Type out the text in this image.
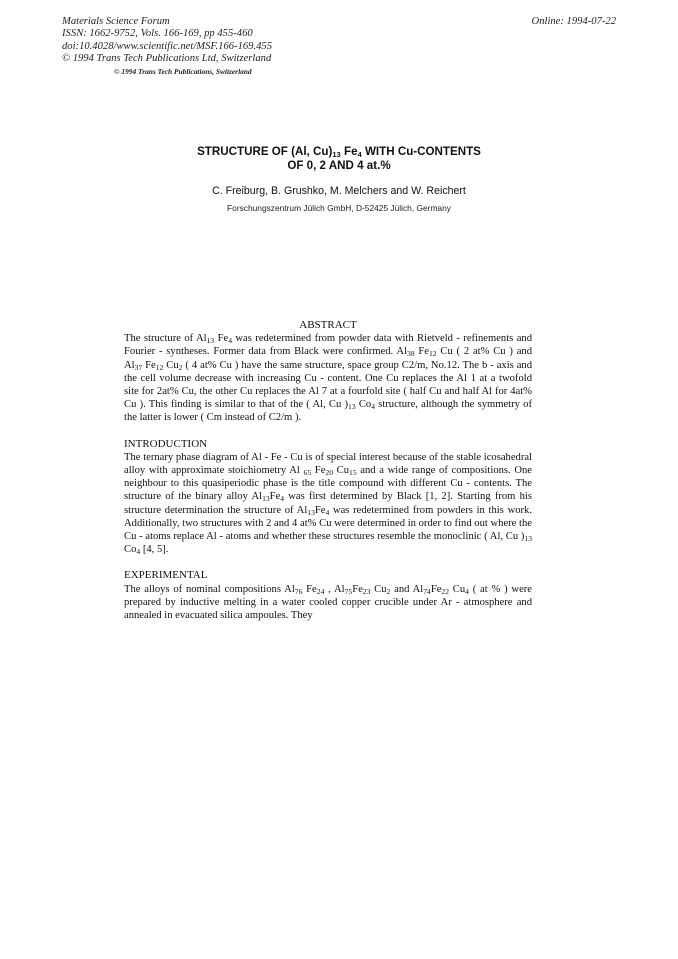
Materials Science Forum
ISSN: 1662-9752, Vols. 166-169, pp 455-460
doi:10.4028/www.scientific.net/MSF.166-169.455
© 1994 Trans Tech Publications Ltd, Switzerland
© 1994 Trans Tech Publications, Switzerland
Online: 1994-07-22
STRUCTURE OF (Al, $Cu)_{13}$ $Fe_4$ WITH Cu-CONTENTS
OF 0, 2 AND 4 at.%
C. Freiburg, B. Grushko, M. Melchers and W. Reichert
Forschungszentrum Jülich GmbH, D-52425 Jülich, Germany
ABSTRACT

The structure of $Al_{13}$ $Fe_4$ was redetermined from powder data with Rietveld - refinements and Fourier - syntheses. Former data from Black were confirmed. $Al_{38}$ $Fe_{12}$ Cu ( 2 at% Cu ) and $Al_{37}$ $Fe_{12}$ $Cu_2$ ( 4 at% Cu ) have the same structure, space group C2/m, No.12. The b - axis and the cell volume decrease with increasing Cu - content. One Cu replaces the Al 1 at a twofold site for 2at% Cu, the other Cu replaces the Al 7 at a fourfold site ( half Cu and half Al for 4at% Cu ). This finding is similar to that of the ( Al, Cu )$_{13}$ $Co_4$ structure, although the symmetry of the latter is lower ( Cm instead of C2/m ).

INTRODUCTION

The ternary phase diagram of Al - Fe - Cu is of special interest because of the stable icosahedral alloy with approximate stoichiometry Al $_{65}$ $Fe_{20}$ $Cu_{15}$ and a wide range of compositions. One neighbour to this quasiperiodic phase is the title compound with different Cu - contents. The structure of the binary alloy $Al_{13}Fe_4$ was first determined by Black [1, 2]. Starting from his structure determination the structure of $Al_{13}Fe_4$ was redetermined from powders in this work. Additionally, two structures with 2 and 4 at% Cu were determined in order to find out where the Cu - atoms replace Al - atoms and whether these structures resemble the monoclinic ( Al, Cu )$_{13}$ $Co_4$ [4, 5].

EXPERIMENTAL

The alloys of nominal compositions $Al_{76}$ $Fe_{24}$ , $Al_{75}Fe_{23}$ $Cu_2$ and $Al_{74}Fe_{22}$ $Cu_4$ ( at % ) were prepared by inductive melting in a water cooled copper crucible under Ar - atmosphere and annealed in evacuated silica ampoules. They
